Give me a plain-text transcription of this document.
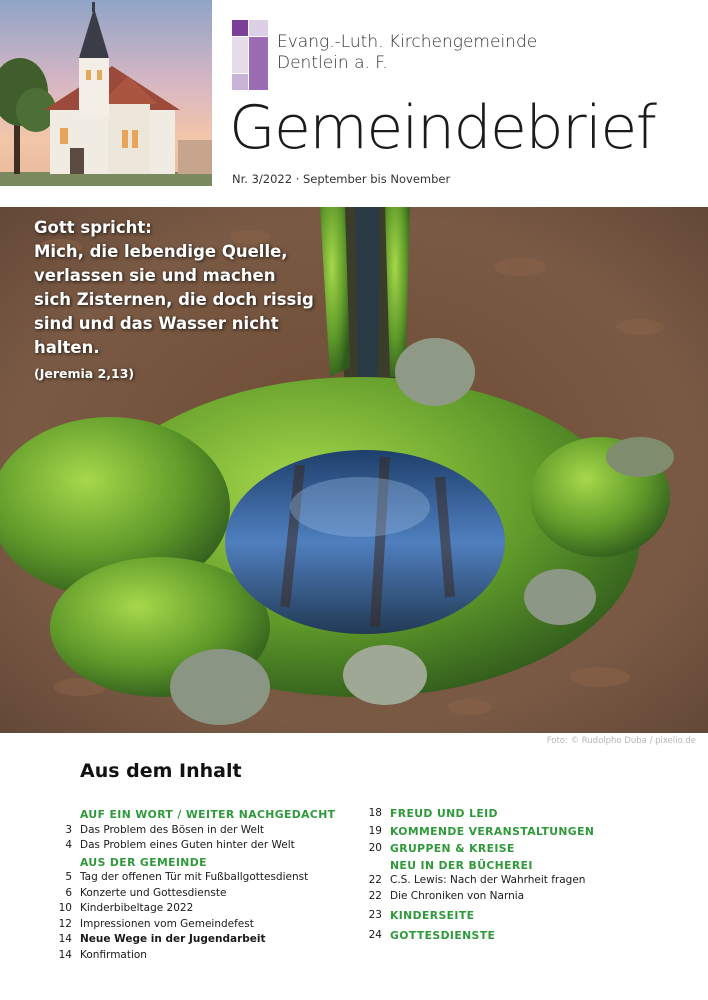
Evang.-Luth. Kirchengemeinde
Dentlein a. F.
Gemeindebrief
Nr. 3/2022 · September bis November
Gott spricht:
Mich, die lebendige Quelle,
verlassen sie und machen
sich Zisternen, die doch rissig
sind und das Wasser nicht
halten.
(Jeremia 2,13)
Foto: © Rudolpho Duba / pixelio.de
Aus dem Inhalt
AUF EIN WORT / WEITER NACHGEDACHT
3 Das Problem des Bösen in der Welt
4 Das Problem eines Guten hinter der Welt
AUS DER GEMEINDE
5 Tag der offenen Tür mit Fußballgottesdienst
6 Konzerte und Gottesdienste
10 Kinderbibeltage 2022
12 Impressionen vom Gemeindefest
14 Neue Wege in der Jugendarbeit
14 Konfirmation
18 FREUD UND LEID
19 KOMMENDE VERANSTALTUNGEN
20 GRUPPEN & KREISE
NEU IN DER BÜCHEREI
22 C.S. Lewis: Nach der Wahrheit fragen
22 Die Chroniken von Narnia
23 KINDERSEITE
24 GOTTESDIENSTE
